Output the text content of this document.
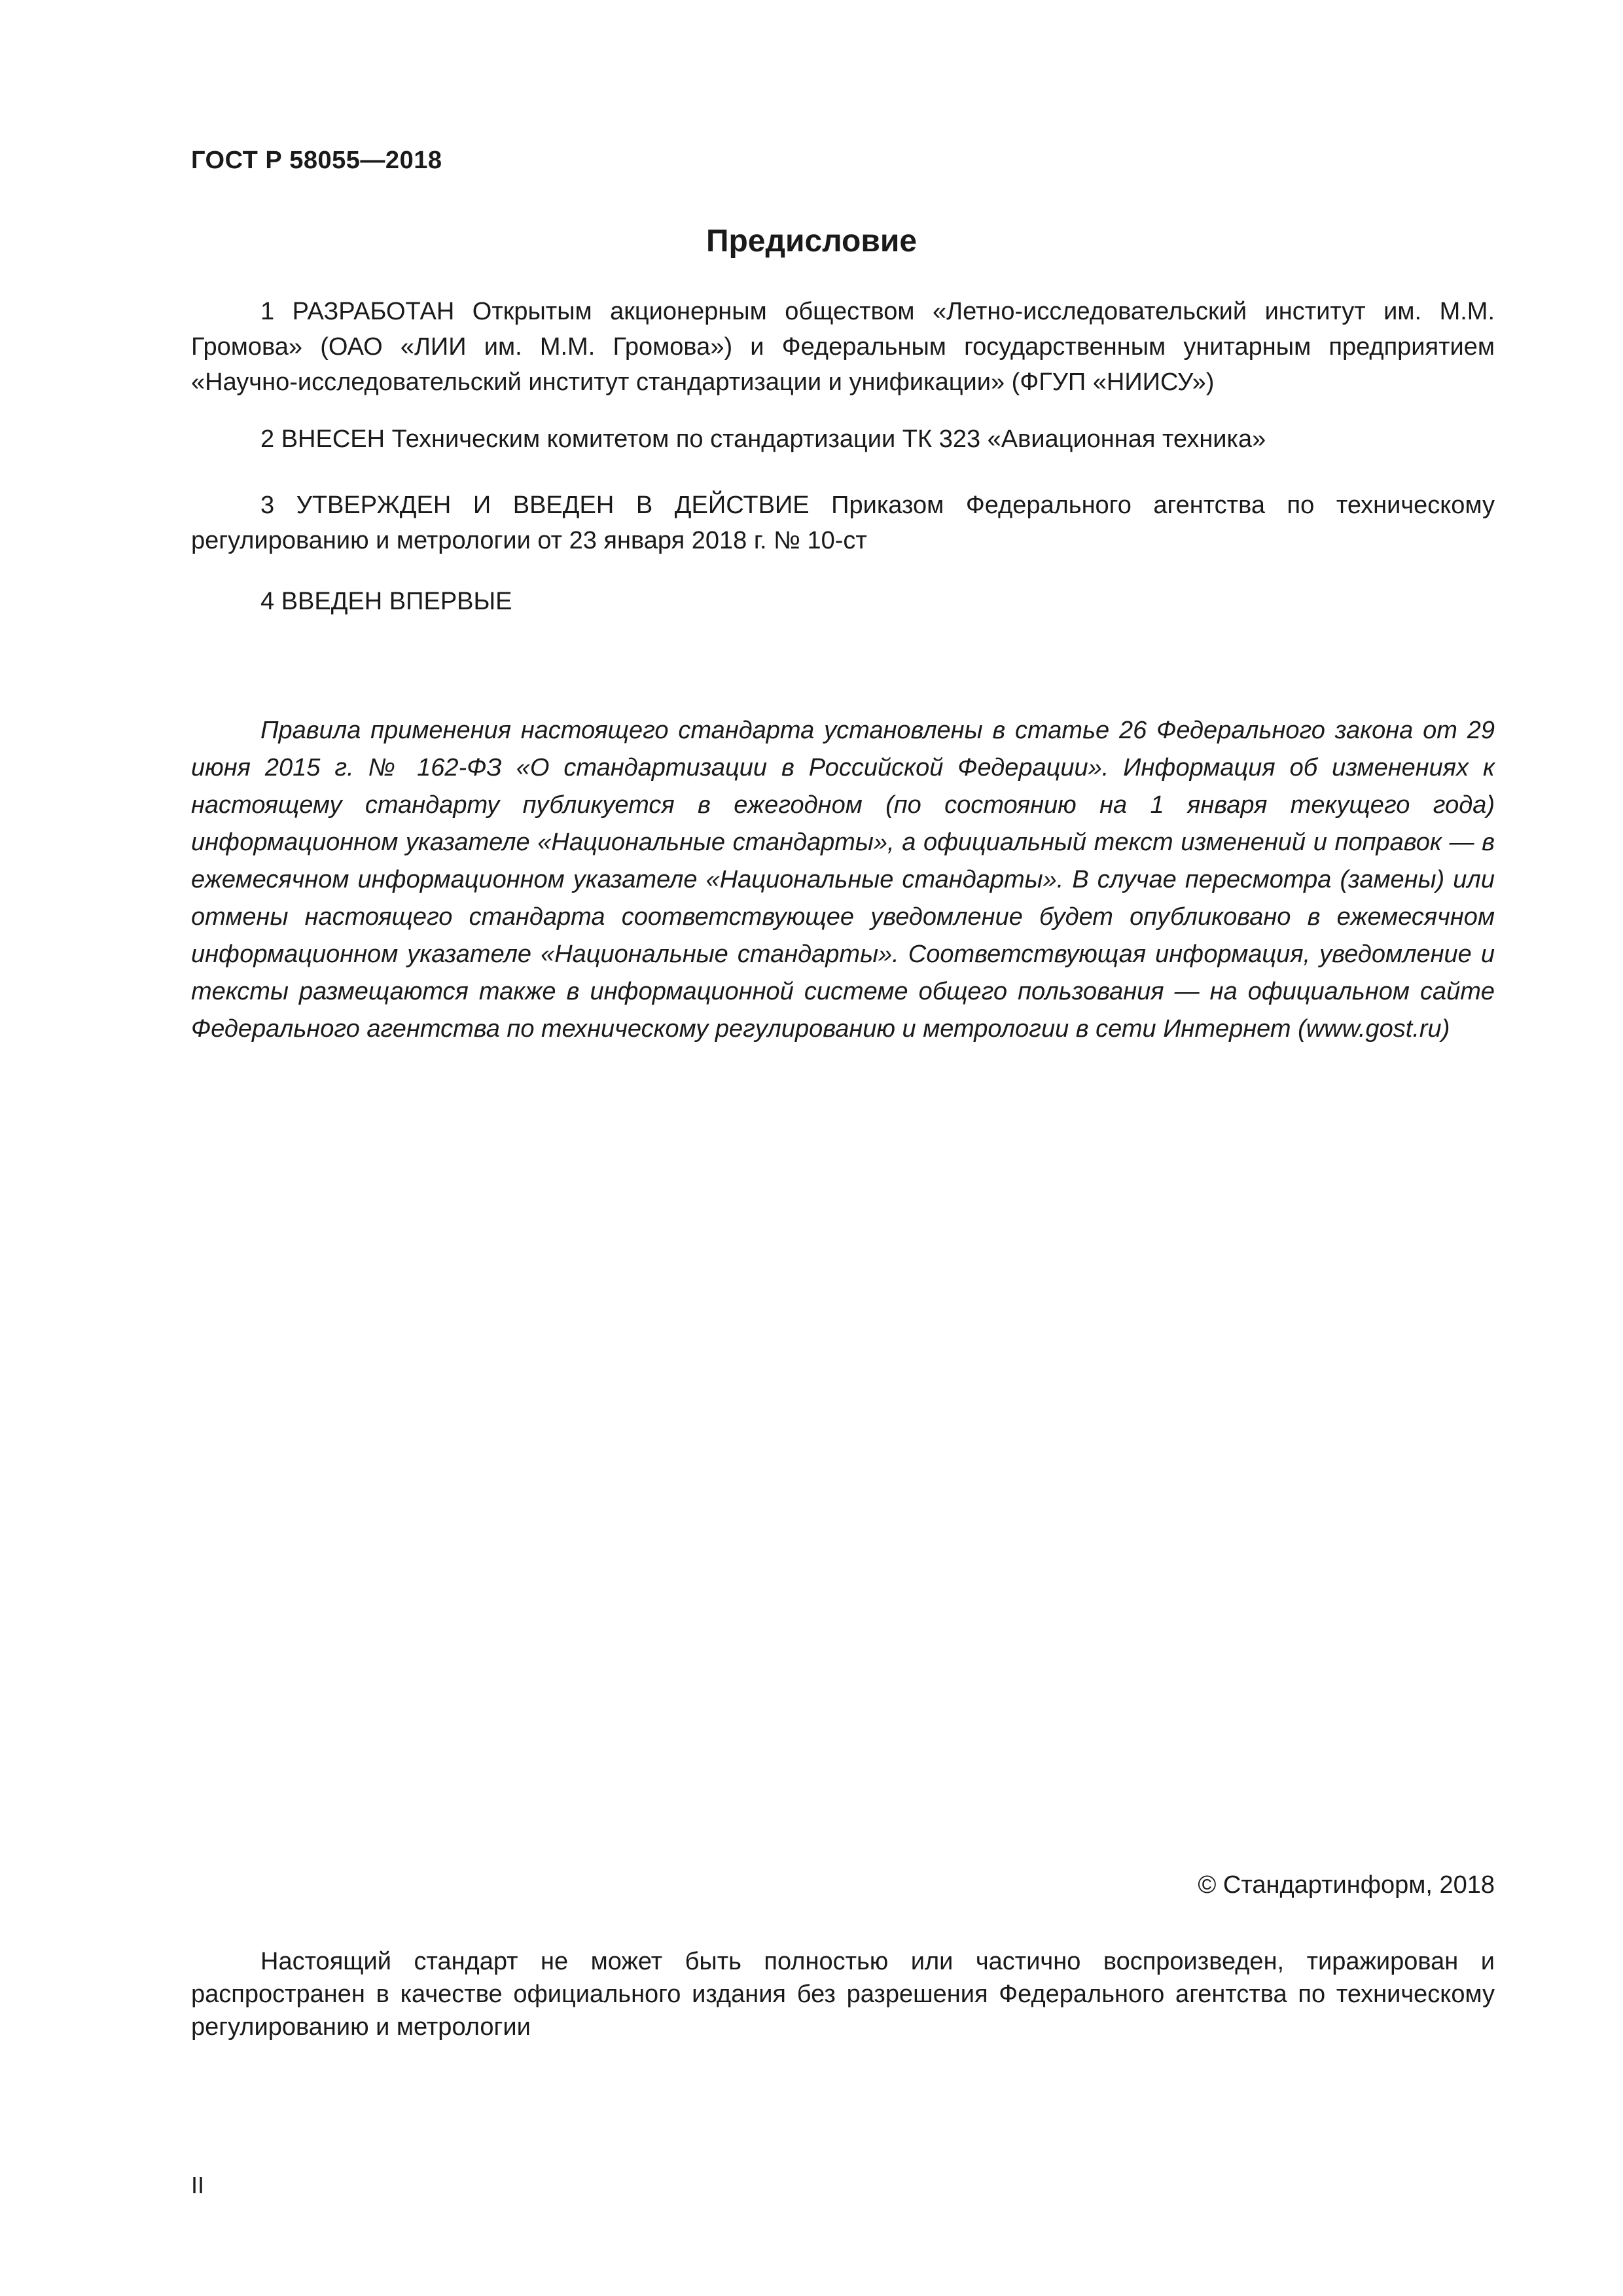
ГОСТ Р 58055—2018
Предисловие

1 РАЗРАБОТАН Открытым акционерным обществом «Летно-исследовательский институт им. М.М. Громова» (ОАО «ЛИИ им. М.М. Громова») и Федеральным государственным унитарным предприятием «Научно-исследовательский институт стандартизации и унификации» (ФГУП «НИИСУ»)

2 ВНЕСЕН Техническим комитетом по стандартизации ТК 323 «Авиационная техника»

3 УТВЕРЖДЕН И ВВЕДЕН В ДЕЙСТВИЕ Приказом Федерального агентства по техническому регулированию и метрологии от 23 января 2018 г. № 10-ст

4 ВВЕДЕН ВПЕРВЫЕ

Правила применения настоящего стандарта установлены в статье 26 Федерального закона от 29 июня 2015 г. № 162-ФЗ «О стандартизации в Российской Федерации». Информация об изменениях к настоящему стандарту публикуется в ежегодном (по состоянию на 1 января текущего года) информационном указателе «Национальные стандарты», а официальный текст изменений и поправок — в ежемесячном информационном указателе «Национальные стандарты». В случае пересмотра (замены) или отмены настоящего стандарта соответствующее уведомление будет опубликовано в ежемесячном информационном указателе «Национальные стандарты». Соответствующая информация, уведомление и тексты размещаются также в информационной системе общего пользования — на официальном сайте Федерального агентства по техническому регулированию и метрологии в сети Интернет (www.gost.ru)

© Стандартинформ, 2018

Настоящий стандарт не может быть полностью или частично воспроизведен, тиражирован и распространен в качестве официального издания без разрешения Федерального агентства по техническому регулированию и метрологии

II
